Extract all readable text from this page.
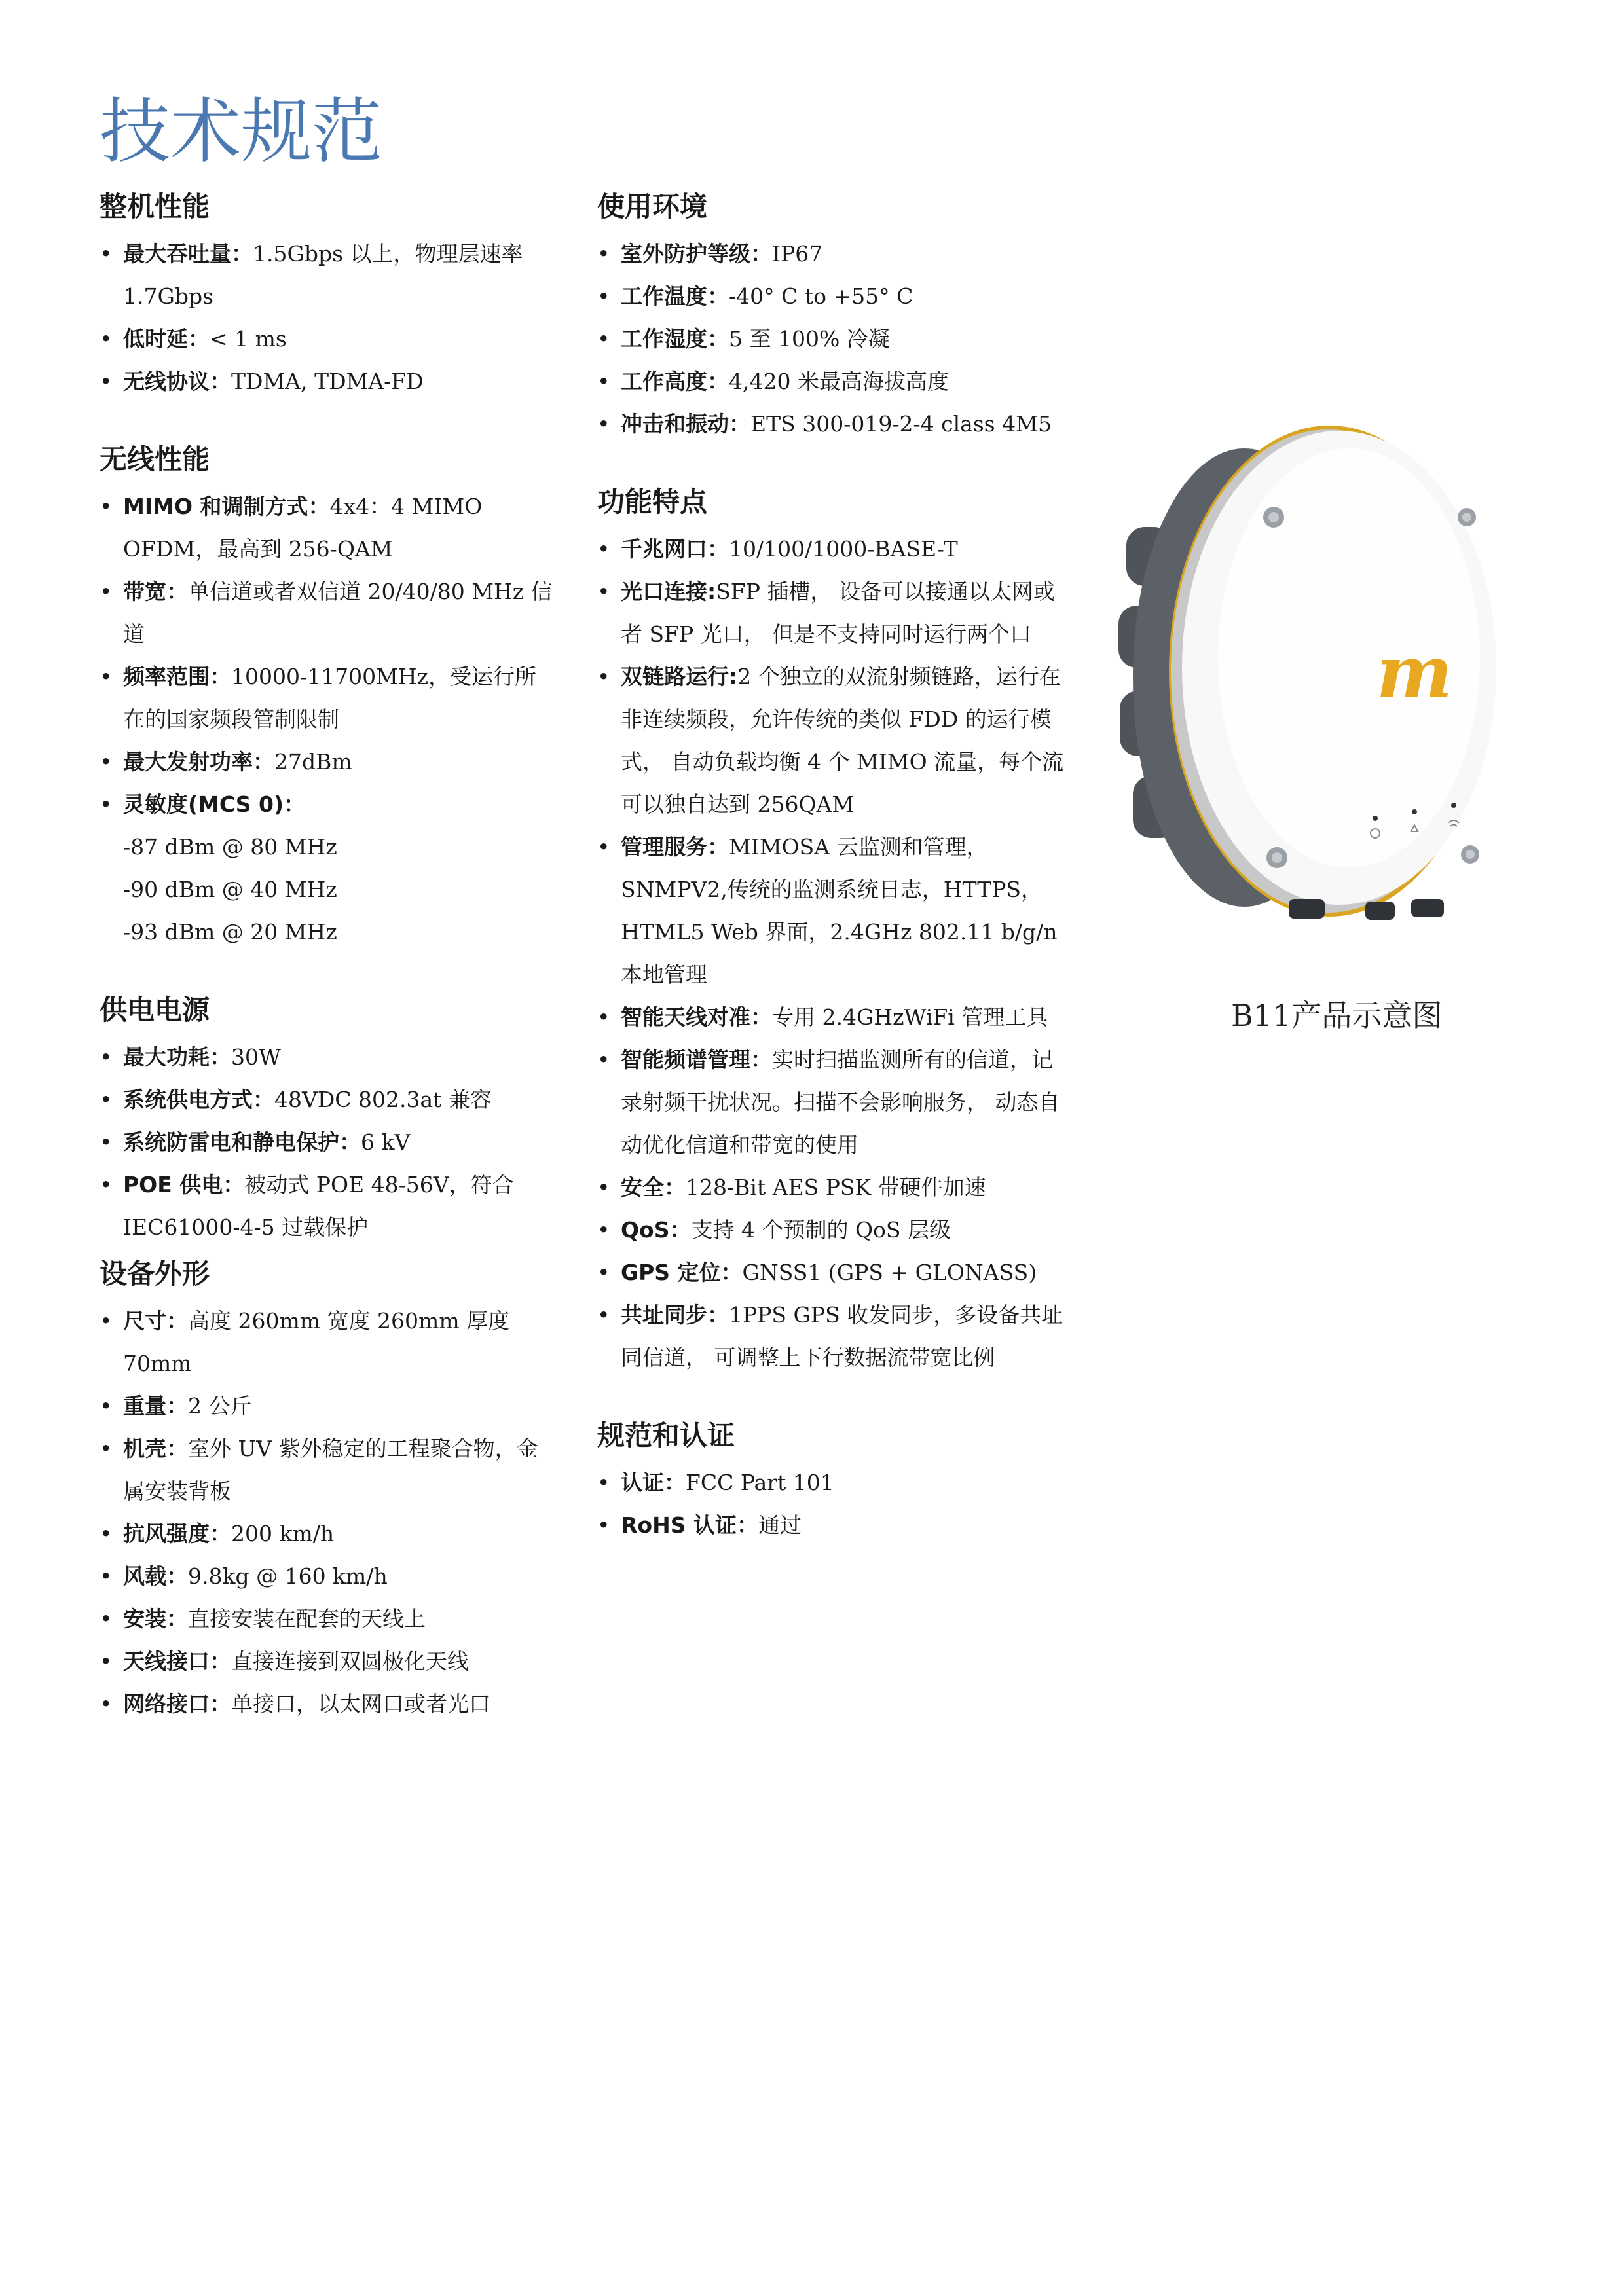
技术规范
整机性能
• 最大吞吐量：1.5Gbps 以上，物理层速率 1.7Gbps
• 低时延：< 1 ms
• 无线协议：TDMA, TDMA-FD
无线性能
• MIMO 和调制方式：4x4：4 MIMO OFDM，最高到 256-QAM
• 带宽：单信道或者双信道 20/40/80 MHz 信道
• 频率范围：10000-11700MHz，受运行所在的国家频段管制限制
• 最大发射功率：27dBm
• 灵敏度(MCS 0)：
-87 dBm @ 80 MHz
-90 dBm @ 40 MHz
-93 dBm @ 20 MHz
供电电源
• 最大功耗：30W
• 系统供电方式：48VDC 802.3at 兼容
• 系统防雷电和静电保护：6 kV
• POE 供电：被动式 POE 48-56V，符合 IEC61000-4-5 过载保护
设备外形
• 尺寸：高度 260mm 宽度 260mm 厚度 70mm
• 重量：2 公斤
• 机壳：室外 UV 紫外稳定的工程聚合物，金属安装背板
• 抗风强度：200 km/h
• 风载：9.8kg @ 160 km/h
• 安装：直接安装在配套的天线上
• 天线接口：直接连接到双圆极化天线
• 网络接口：单接口，以太网口或者光口
使用环境
• 室外防护等级：IP67
• 工作温度：-40° C to +55° C
• 工作湿度：5 至 100% 冷凝
• 工作高度：4,420 米最高海拔高度
• 冲击和振动：ETS 300-019-2-4 class 4M5
功能特点
• 千兆网口：10/100/1000-BASE-T
• 光口连接:SFP 插槽， 设备可以接通以太网或者 SFP 光口， 但是不支持同时运行两个口
• 双链路运行:2 个独立的双流射频链路，运行在非连续频段，允许传统的类似 FDD 的运行模式， 自动负载均衡 4 个 MIMO 流量，每个流可以独自达到 256QAM
• 管理服务：MIMOSA 云监测和管理，SNMPV2,传统的监测系统日志，HTTPS，HTML5 Web 界面，2.4GHz 802.11 b/g/n 本地管理
• 智能天线对准：专用 2.4GHzWiFi 管理工具
• 智能频谱管理：实时扫描监测所有的信道，记录射频干扰状况。扫描不会影响服务， 动态自动优化信道和带宽的使用
• 安全：128-Bit AES PSK 带硬件加速
• QoS：支持 4 个预制的 QoS 层级
• GPS 定位：GNSS1 (GPS + GLONASS)
• 共址同步：1PPS GPS 收发同步，多设备共址同信道， 可调整上下行数据流带宽比例
规范和认证
• 认证：FCC Part 101
• RoHS 认证：通过
m
B11产品示意图
